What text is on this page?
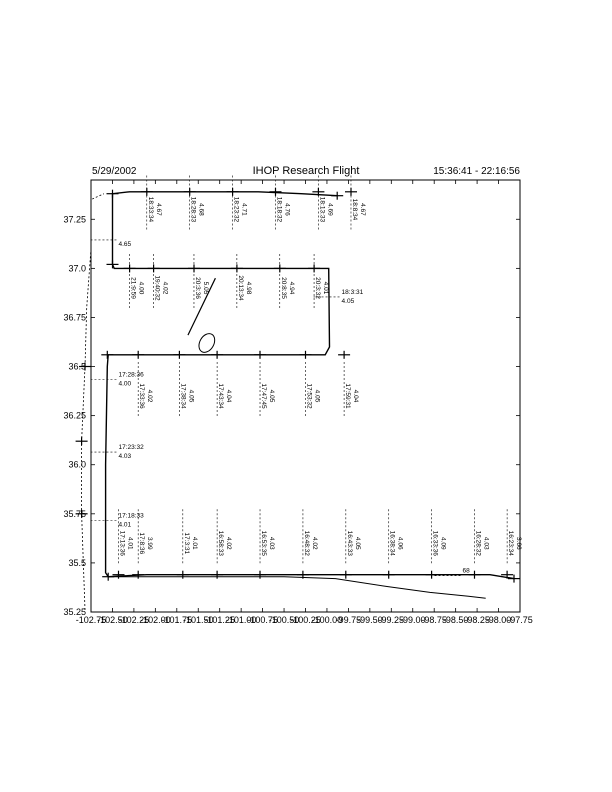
5/29/2002	IHOP Research Flight	15:36:41 - 22:16:56
-102.75
-102.50
-102.25
-102.00
-101.75
-101.50
-101.25
-101.00
-100.75
-100.50
-100.25
-100.00
-99.75
-99.50
-99.25
-99.00
-98.75
-98.50
-98.25
-98.00
-97.75
35.25
35.5
35.75
36.0
36.25
36.5
36.75
37.0
37.25
17:13:36 4.01 17:8:36 3.99	17:3:31 4.01	16:58:33 4.02	16:53:35 4.03	16:48:32 4.02	16:43:33 4.05	16:38:34 4.06	16:33:36 4.09	16:28:32 4.03	16:23:34 3.66
17:33:36 4.02	17:38:34 4.05	17:43:34 4.04	17:47:45 4.05	17:53:32 4.05	17:59:31 4.04
21:9:59 4.00 19:40:32 4.02	20:3:36 5.05	20:13:34 4.98	20:8:35 4.94	20:3:32 4.01
18:33:34 4.67	18:28:33 4.68	18:23:32 4.71	18:18:32 4.76	18:13:33 4.69	18:8:34 4.67
17:18:33
4.01
17:23:32
4.03
17:28:36
4.00
18:3:31
4.05
4.65
68
